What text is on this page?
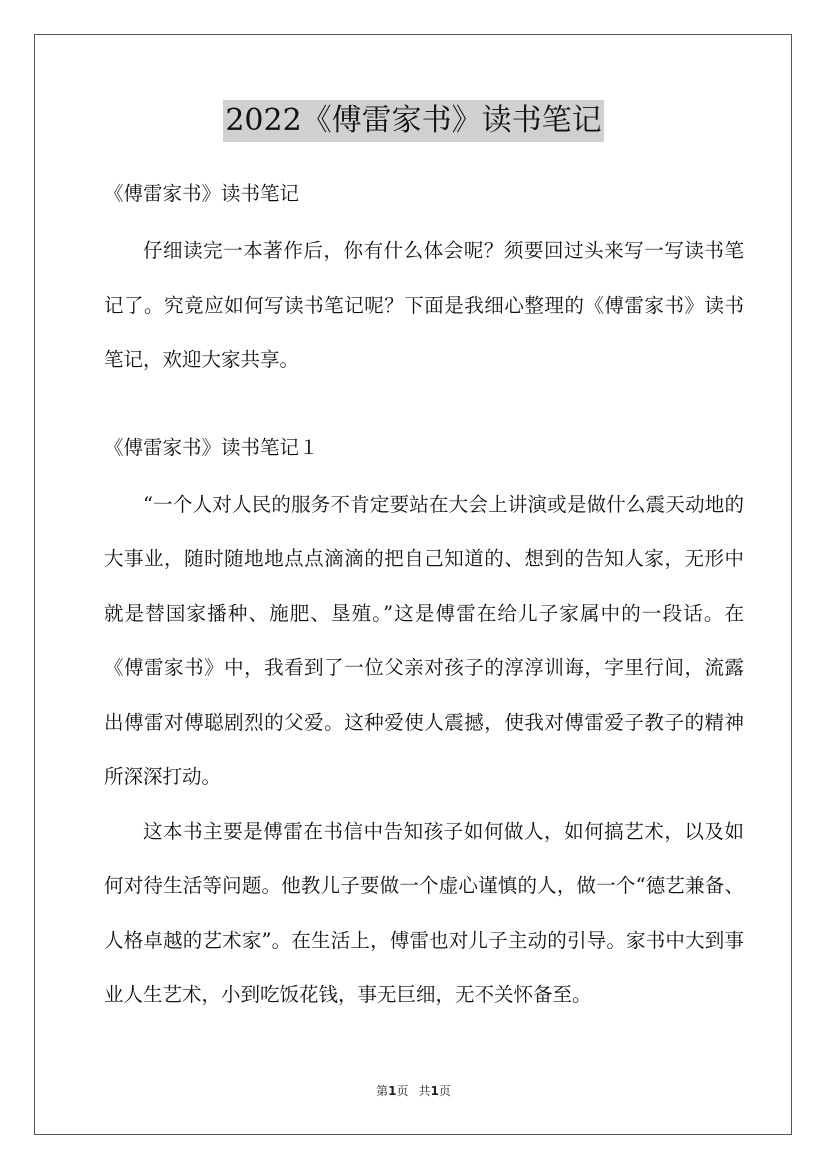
2022《傅雷家书》读书笔记
《傅雷家书》读书笔记

仔细读完一本著作后，你有什么体会呢？须要回过头来写一写读书笔记了。究竟应如何写读书笔记呢？下面是我细心整理的《傅雷家书》读书笔记，欢迎大家共享。

《傅雷家书》读书笔记１

“一个人对人民的服务不肯定要站在大会上讲演或是做什么震天动地的大事业，随时随地地点点滴滴的把自己知道的、想到的告知人家，无形中就是替国家播种、施肥、垦殖。”这是傅雷在给儿子家属中的一段话。在《傅雷家书》中，我看到了一位父亲对孩子的淳淳训诲，字里行间，流露出傅雷对傅聪剧烈的父爱。这种爱使人震撼，使我对傅雷爱子教子的精神所深深打动。

这本书主要是傅雷在书信中告知孩子如何做人，如何搞艺术，以及如何对待生活等问题。他教儿子要做一个虚心谨慎的人，做一个“德艺兼备、人格卓越的艺术家”。在生活上，傅雷也对儿子主动的引导。家书中大到事业人生艺术，小到吃饭花钱，事无巨细，无不关怀备至。

第1页 共1页
